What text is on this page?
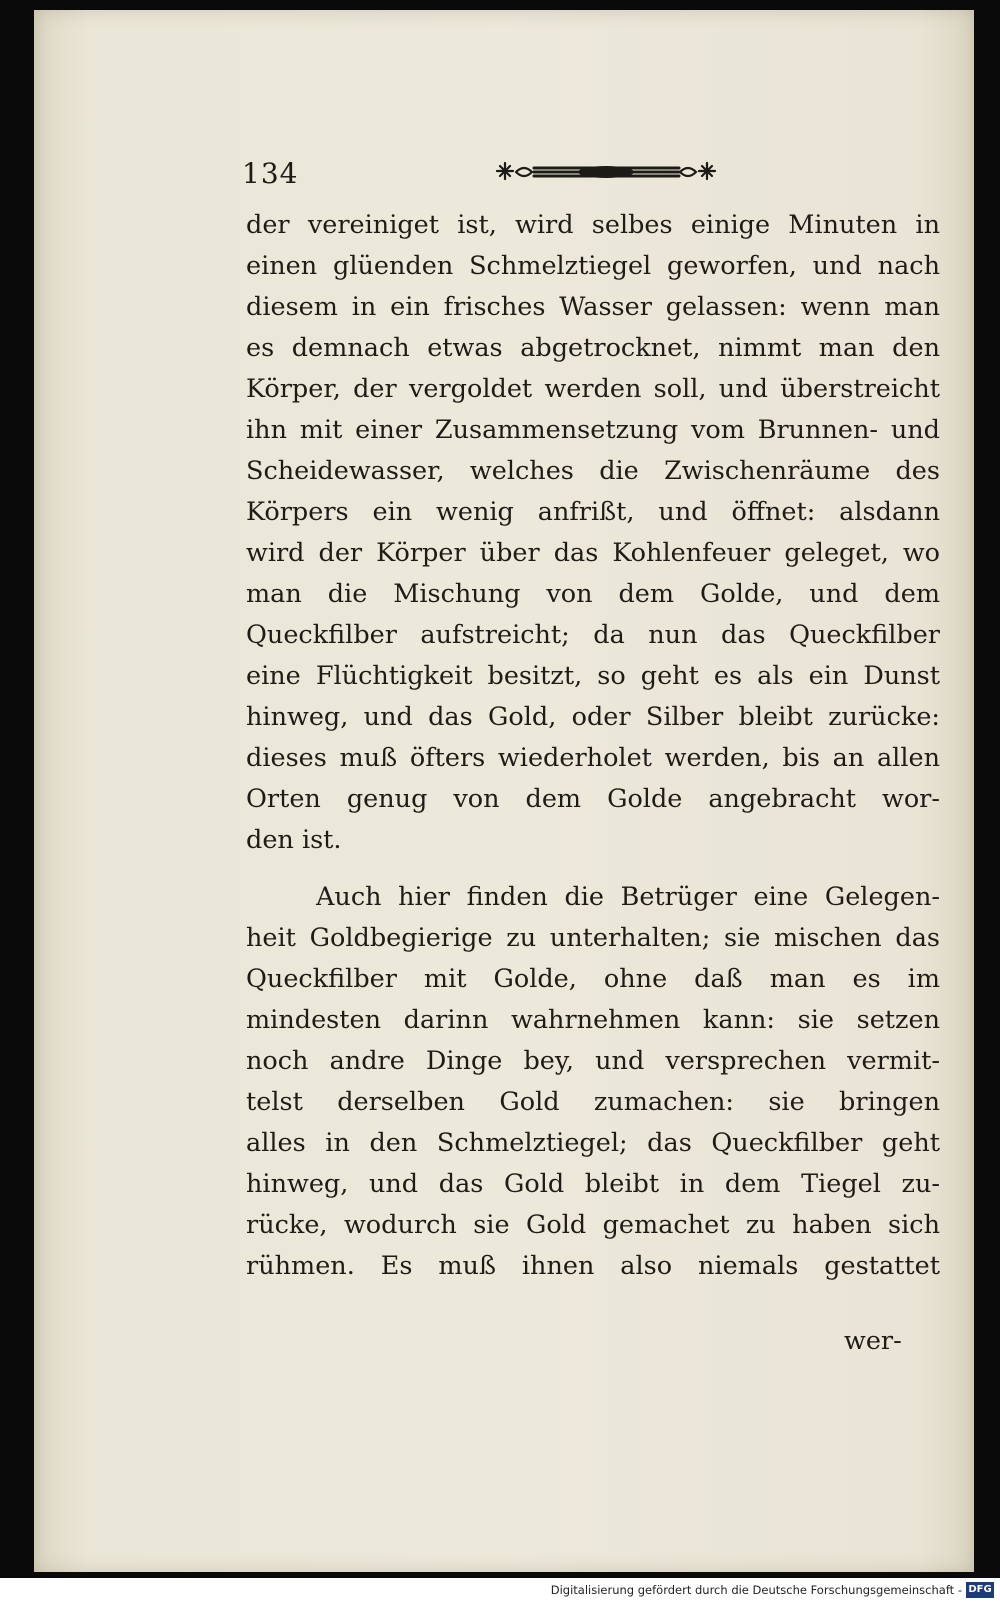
134
der vereiniget ist, wird selbes einige Minuten in
einen glüenden Schmelztiegel geworfen, und nach
diesem in ein frisches Wasser gelassen: wenn man
es demnach etwas abgetrocknet, nimmt man den
Körper, der vergoldet werden soll, und überstreicht
ihn mit einer Zusammensetzung vom Brunnen- und
Scheidewasser, welches die Zwischenräume des
Körpers ein wenig anfrißt, und öffnet: alsdann
wird der Körper über das Kohlenfeuer geleget, wo
man die Mischung von dem Golde, und dem
Queckfilber aufstreicht; da nun das Queckfilber
eine Flüchtigkeit besitzt, so geht es als ein Dunst
hinweg, und das Gold, oder Silber bleibt zurücke:
dieses muß öfters wiederholet werden, bis an allen
Orten genug von dem Golde angebracht wor-
den ist.
Auch hier finden die Betrüger eine Gelegen-
heit Goldbegierige zu unterhalten; sie mischen das
Queckfilber mit Golde, ohne daß man es im
mindesten darinn wahrnehmen kann: sie setzen
noch andre Dinge bey, und versprechen vermit-
telst derselben Gold zumachen: sie bringen
alles in den Schmelztiegel; das Queckfilber geht
hinweg, und das Gold bleibt in dem Tiegel zu-
rücke, wodurch sie Gold gemachet zu haben sich
rühmen. Es muß ihnen also niemals gestattet
wer-
Digitalisierung gefördert durch die Deutsche Forschungsgemeinschaft - DFG
